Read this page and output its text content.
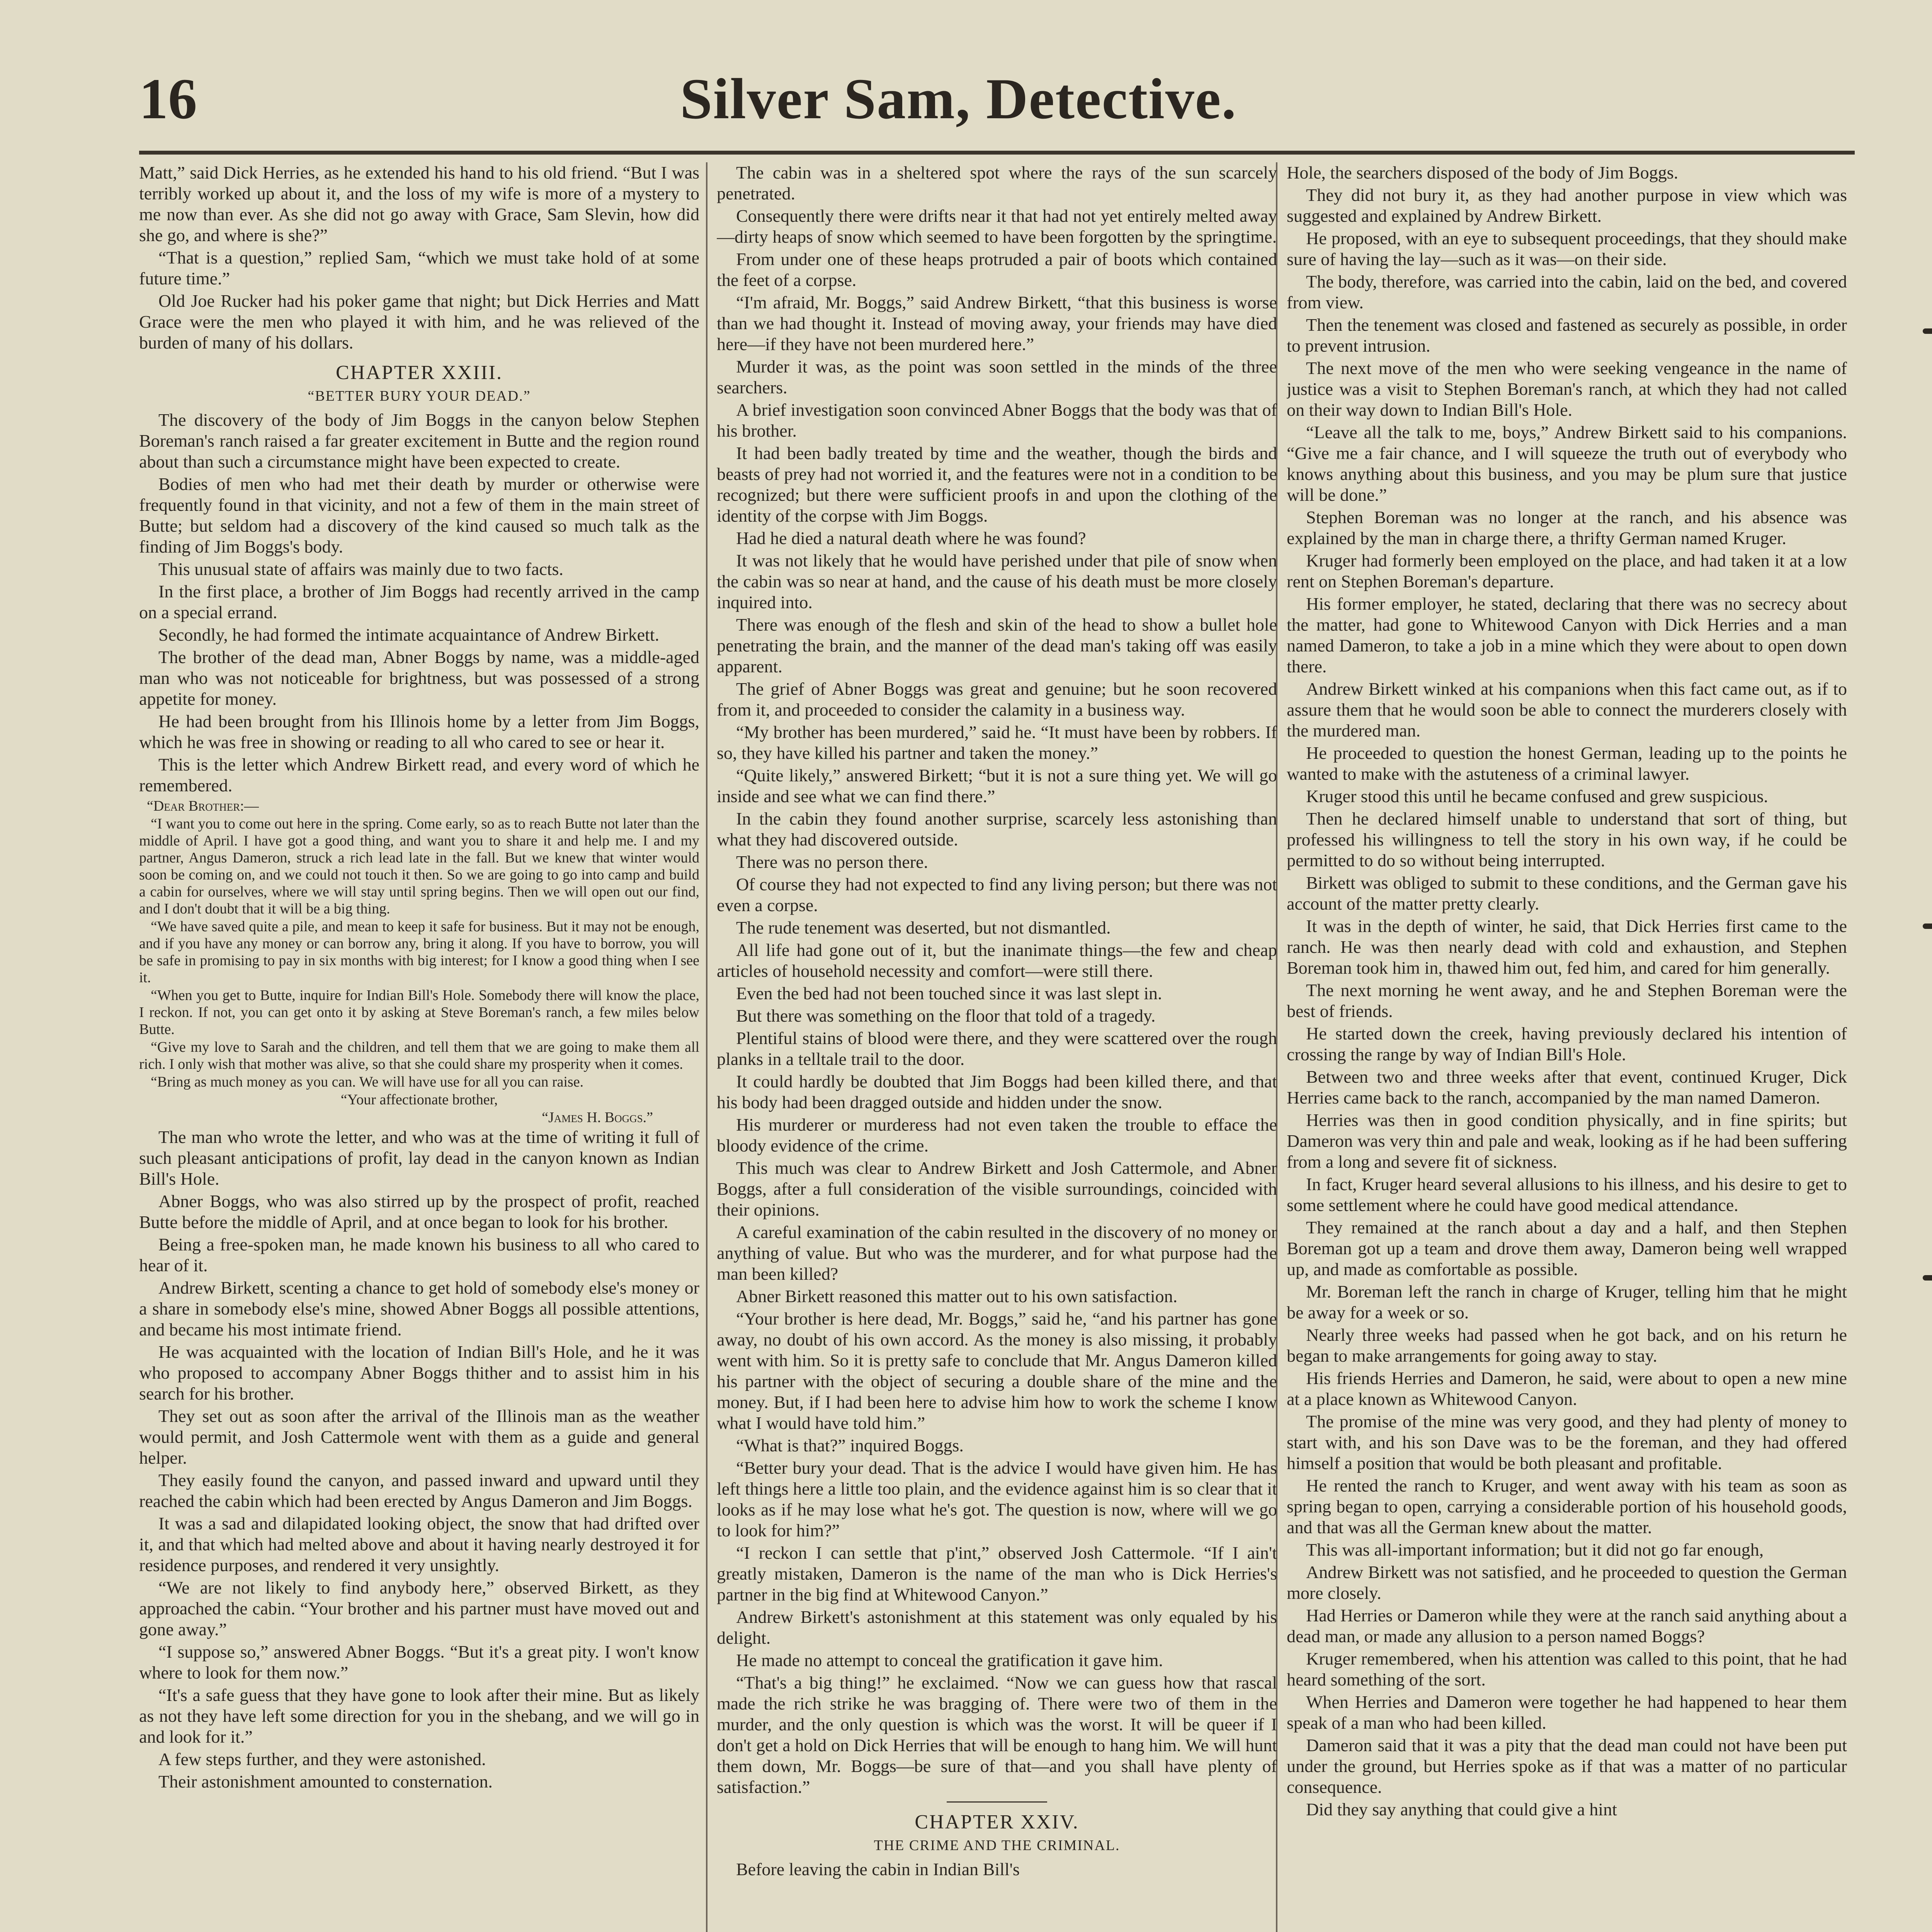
16	Silver Sam, Detective.

Matt,” said Dick Herries, as he extended his hand to his old friend. “But I was terribly worked up about it, and the loss of my wife is more of a mystery to me now than ever. As she did not go away with Grace, Sam Slevin, how did she go, and where is she?”

“That is a question,” replied Sam, “which we must take hold of at some future time.”

Old Joe Rucker had his poker game that night; but Dick Herries and Matt Grace were the men who played it with him, and he was relieved of the burden of many of his dollars.

CHAPTER XXIII.
“BETTER BURY YOUR DEAD.”

The discovery of the body of Jim Boggs in the canyon below Stephen Boreman's ranch raised a far greater excitement in Butte and the region round about than such a circumstance might have been expected to create.

Bodies of men who had met their death by murder or otherwise were frequently found in that vicinity, and not a few of them in the main street of Butte; but seldom had a discovery of the kind caused so much talk as the finding of Jim Boggs's body.

This unusual state of affairs was mainly due to two facts.

In the first place, a brother of Jim Boggs had recently arrived in the camp on a special errand.

Secondly, he had formed the intimate acquaintance of Andrew Birkett.

The brother of the dead man, Abner Boggs by name, was a middle-aged man who was not noticeable for brightness, but was possessed of a strong appetite for money.

He had been brought from his Illinois home by a letter from Jim Boggs, which he was free in showing or reading to all who cared to see or hear it.

This is the letter which Andrew Birkett read, and every word of which he remembered.

“Dear Brother:—

“I want you to come out here in the spring. Come early, so as to reach Butte not later than the middle of April. I have got a good thing, and want you to share it and help me. I and my partner, Angus Dameron, struck a rich lead late in the fall. But we knew that winter would soon be coming on, and we could not touch it then. So we are going to go into camp and build a cabin for ourselves, where we will stay until spring begins. Then we will open out our find, and I don't doubt that it will be a big thing.

“We have saved quite a pile, and mean to keep it safe for business. But it may not be enough, and if you have any money or can borrow any, bring it along. If you have to borrow, you will be safe in promising to pay in six months with big interest; for I know a good thing when I see it.

“When you get to Butte, inquire for Indian Bill's Hole. Somebody there will know the place, I reckon. If not, you can get onto it by asking at Steve Boreman's ranch, a few miles below Butte.

“Give my love to Sarah and the children, and tell them that we are going to make them all rich. I only wish that mother was alive, so that she could share my prosperity when it comes.

“Bring as much money as you can. We will have use for all you can raise.

“Your affectionate brother,

“James H. Boggs.”

The man who wrote the letter, and who was at the time of writing it full of such pleasant anticipations of profit, lay dead in the canyon known as Indian Bill's Hole.

Abner Boggs, who was also stirred up by the prospect of profit, reached Butte before the middle of April, and at once began to look for his brother.

Being a free-spoken man, he made known his business to all who cared to hear of it.

Andrew Birkett, scenting a chance to get hold of somebody else's money or a share in somebody else's mine, showed Abner Boggs all possible attentions, and became his most intimate friend.

He was acquainted with the location of Indian Bill's Hole, and he it was who proposed to accompany Abner Boggs thither and to assist him in his search for his brother.

They set out as soon after the arrival of the Illinois man as the weather would permit, and Josh Cattermole went with them as a guide and general helper.

They easily found the canyon, and passed inward and upward until they reached the cabin which had been erected by Angus Dameron and Jim Boggs.

It was a sad and dilapidated looking object, the snow that had drifted over it, and that which had melted above and about it having nearly destroyed it for residence purposes, and rendered it very unsightly.

“We are not likely to find anybody here,” observed Birkett, as they approached the cabin. “Your brother and his partner must have moved out and gone away.”

“I suppose so,” answered Abner Boggs. “But it's a great pity. I won't know where to look for them now.”

“It's a safe guess that they have gone to look after their mine. But as likely as not they have left some direction for you in the shebang, and we will go in and look for it.”

A few steps further, and they were astonished.

Their astonishment amounted to consternation.

The cabin was in a sheltered spot where the rays of the sun scarcely penetrated.

Consequently there were drifts near it that had not yet entirely melted away—dirty heaps of snow which seemed to have been forgotten by the springtime.

From under one of these heaps protruded a pair of boots which contained the feet of a corpse.

“I'm afraid, Mr. Boggs,” said Andrew Birkett, “that this business is worse than we had thought it. Instead of moving away, your friends may have died here—if they have not been murdered here.”

Murder it was, as the point was soon settled in the minds of the three searchers.

A brief investigation soon convinced Abner Boggs that the body was that of his brother.

It had been badly treated by time and the weather, though the birds and beasts of prey had not worried it, and the features were not in a condition to be recognized; but there were sufficient proofs in and upon the clothing of the identity of the corpse with Jim Boggs.

Had he died a natural death where he was found?

It was not likely that he would have perished under that pile of snow when the cabin was so near at hand, and the cause of his death must be more closely inquired into.

There was enough of the flesh and skin of the head to show a bullet hole penetrating the brain, and the manner of the dead man's taking off was easily apparent.

The grief of Abner Boggs was great and genuine; but he soon recovered from it, and proceeded to consider the calamity in a business way.

“My brother has been murdered,” said he. “It must have been by robbers. If so, they have killed his partner and taken the money.”

“Quite likely,” answered Birkett; “but it is not a sure thing yet. We will go inside and see what we can find there.”

In the cabin they found another surprise, scarcely less astonishing than what they had discovered outside.

There was no person there.

Of course they had not expected to find any living person; but there was not even a corpse.

The rude tenement was deserted, but not dismantled.

All life had gone out of it, but the inanimate things—the few and cheap articles of household necessity and comfort—were still there.

Even the bed had not been touched since it was last slept in.

But there was something on the floor that told of a tragedy.

Plentiful stains of blood were there, and they were scattered over the rough planks in a telltale trail to the door.

It could hardly be doubted that Jim Boggs had been killed there, and that his body had been dragged outside and hidden under the snow.

His murderer or murderess had not even taken the trouble to efface the bloody evidence of the crime.

This much was clear to Andrew Birkett and Josh Cattermole, and Abner Boggs, after a full consideration of the visible surroundings, coincided with their opinions.

A careful examination of the cabin resulted in the discovery of no money or anything of value. But who was the murderer, and for what purpose had the man been killed?

Abner Birkett reasoned this matter out to his own satisfaction.

“Your brother is here dead, Mr. Boggs,” said he, “and his partner has gone away, no doubt of his own accord. As the money is also missing, it probably went with him. So it is pretty safe to conclude that Mr. Angus Dameron killed his partner with the object of securing a double share of the mine and the money. But, if I had been here to advise him how to work the scheme I know what I would have told him.”

“What is that?” inquired Boggs.

“Better bury your dead. That is the advice I would have given him. He has left things here a little too plain, and the evidence against him is so clear that it looks as if he may lose what he's got. The question is now, where will we go to look for him?”

“I reckon I can settle that p'int,” observed Josh Cattermole. “If I ain't greatly mistaken, Dameron is the name of the man who is Dick Herries's partner in the big find at Whitewood Canyon.”

Andrew Birkett's astonishment at this statement was only equaled by his delight.

He made no attempt to conceal the gratification it gave him.

“That's a big thing!” he exclaimed. “Now we can guess how that rascal made the rich strike he was bragging of. There were two of them in the murder, and the only question is which was the worst. It will be queer if I don't get a hold on Dick Herries that will be enough to hang him. We will hunt them down, Mr. Boggs—be sure of that—and you shall have plenty of satisfaction.”

CHAPTER XXIV.
THE CRIME AND THE CRIMINAL.

Before leaving the cabin in Indian Bill's

Hole, the searchers disposed of the body of Jim Boggs.

They did not bury it, as they had another purpose in view which was suggested and explained by Andrew Birkett.

He proposed, with an eye to subsequent proceedings, that they should make sure of having the lay—such as it was—on their side.

The body, therefore, was carried into the cabin, laid on the bed, and covered from view.

Then the tenement was closed and fastened as securely as possible, in order to prevent intrusion.

The next move of the men who were seeking vengeance in the name of justice was a visit to Stephen Boreman's ranch, at which they had not called on their way down to Indian Bill's Hole.

“Leave all the talk to me, boys,” Andrew Birkett said to his companions. “Give me a fair chance, and I will squeeze the truth out of everybody who knows anything about this business, and you may be plum sure that justice will be done.”

Stephen Boreman was no longer at the ranch, and his absence was explained by the man in charge there, a thrifty German named Kruger.

Kruger had formerly been employed on the place, and had taken it at a low rent on Stephen Boreman's departure.

His former employer, he stated, declaring that there was no secrecy about the matter, had gone to Whitewood Canyon with Dick Herries and a man named Dameron, to take a job in a mine which they were about to open down there.

Andrew Birkett winked at his companions when this fact came out, as if to assure them that he would soon be able to connect the murderers closely with the murdered man.

He proceeded to question the honest German, leading up to the points he wanted to make with the astuteness of a criminal lawyer.

Kruger stood this until he became confused and grew suspicious.

Then he declared himself unable to understand that sort of thing, but professed his willingness to tell the story in his own way, if he could be permitted to do so without being interrupted.

Birkett was obliged to submit to these conditions, and the German gave his account of the matter pretty clearly.

It was in the depth of winter, he said, that Dick Herries first came to the ranch. He was then nearly dead with cold and exhaustion, and Stephen Boreman took him in, thawed him out, fed him, and cared for him generally.

The next morning he went away, and he and Stephen Boreman were the best of friends.

He started down the creek, having previously declared his intention of crossing the range by way of Indian Bill's Hole.

Between two and three weeks after that event, continued Kruger, Dick Herries came back to the ranch, accompanied by the man named Dameron.

Herries was then in good condition physically, and in fine spirits; but Dameron was very thin and pale and weak, looking as if he had been suffering from a long and severe fit of sickness.

In fact, Kruger heard several allusions to his illness, and his desire to get to some settlement where he could have good medical attendance.

They remained at the ranch about a day and a half, and then Stephen Boreman got up a team and drove them away, Dameron being well wrapped up, and made as comfortable as possible.

Mr. Boreman left the ranch in charge of Kruger, telling him that he might be away for a week or so.

Nearly three weeks had passed when he got back, and on his return he began to make arrangements for going away to stay.

His friends Herries and Dameron, he said, were about to open a new mine at a place known as Whitewood Canyon.

The promise of the mine was very good, and they had plenty of money to start with, and his son Dave was to be the foreman, and they had offered himself a position that would be both pleasant and profitable.

He rented the ranch to Kruger, and went away with his team as soon as spring began to open, carrying a considerable portion of his household goods, and that was all the German knew about the matter.

This was all-important information; but it did not go far enough,

Andrew Birkett was not satisfied, and he proceeded to question the German more closely.

Had Herries or Dameron while they were at the ranch said anything about a dead man, or made any allusion to a person named Boggs?

Kruger remembered, when his attention was called to this point, that he had heard something of the sort.

When Herries and Dameron were together he had happened to hear them speak of a man who had been killed.

Dameron said that it was a pity that the dead man could not have been put under the ground, but Herries spoke as if that was a matter of no particular consequence.

Did they say anything that could give a hint
